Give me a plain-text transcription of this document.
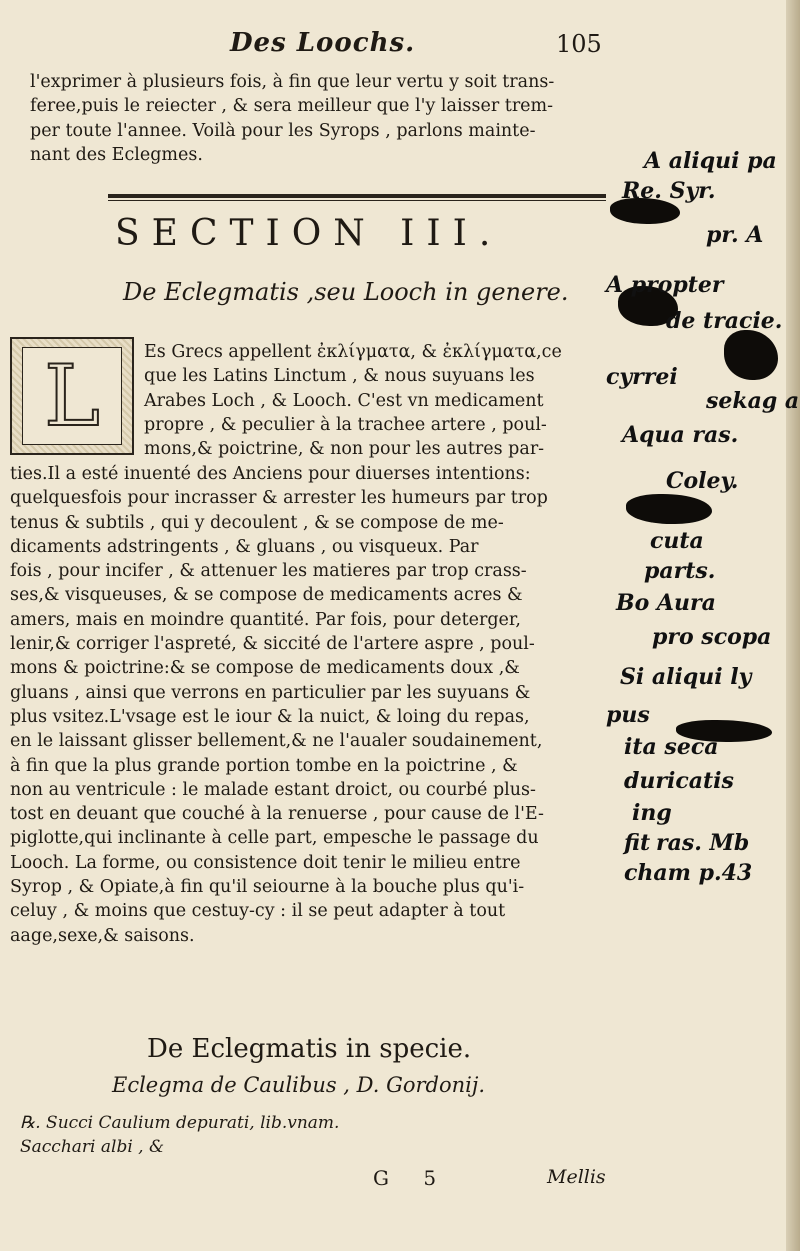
Des Loochs.	105
l'exprimer à plusieurs fois, à fin que leur vertu y soit trans-
feree,puis le reiecter , & sera meilleur que l'y laisser trem-
per toute l'annee. Voilà pour les Syrops , parlons mainte-
nant des Eclegmes.
SECTION III.
De Eclegmatis ,seu Looch in genere.
L	Es Grecs appellent ἐκλίγματα, & ἐκλίγματα,ce
que les Latins Linctum , & nous suyuans les
Arabes Loch , & Looch. C'est vn medicament
propre , & peculier à la trachee artere , poul-
mons,& poictrine, & non pour les autres par-
ties.Il a esté inuenté des Anciens pour diuerses intentions:
quelquesfois pour incrasser & arrester les humeurs par trop
tenus & subtils , qui y decoulent , & se compose de me-
dicaments adstringents , & gluans , ou visqueux. Par
fois , pour incifer , & attenuer les matieres par trop crass-
ses,& visqueuses, & se compose de medicaments acres &
amers, mais en moindre quantité. Par fois, pour deterger,
lenir,& corriger l'aspreté, & siccité de l'artere aspre , poul-
mons & poictrine:& se compose de medicaments doux ,&
gluans , ainsi que verrons en particulier par les suyuans &
plus vsitez.L'vsage est le iour & la nuict, & loing du repas,
en le laissant glisser bellement,& ne l'aualer soudainement,
à fin que la plus grande portion tombe en la poictrine , &
non au ventricule : le malade estant droict, ou courbé plus-
tost en deuant que couché à la renuerse , pour cause de l'E-
piglotte,qui inclinante à celle part, empesche le passage du
Looch. La forme, ou consistence doit tenir le milieu entre
Syrop , & Opiate,à fin qu'il seiourne à la bouche plus qu'i-
celuy , & moins que cestuy-cy : il se peut adapter à tout
aage,sexe,& saisons.
De Eclegmatis in specie.
Eclegma de Caulibus , D. Gordonij.
℞. Succi Caulium depurati, lib.vnam.
Sacchari albi , &
G 5	Mellis
A aliqui pa
Re. Syr.
pr. A
A propter
de tracie.
cyrrei
sekag a
Aqua ras.
Coley.
cuta
parts.
Bo Aura
pro scopa
Si aliqui ly
pus
ita seca
duricatis
ing
fit ras. Mb
cham p.43
